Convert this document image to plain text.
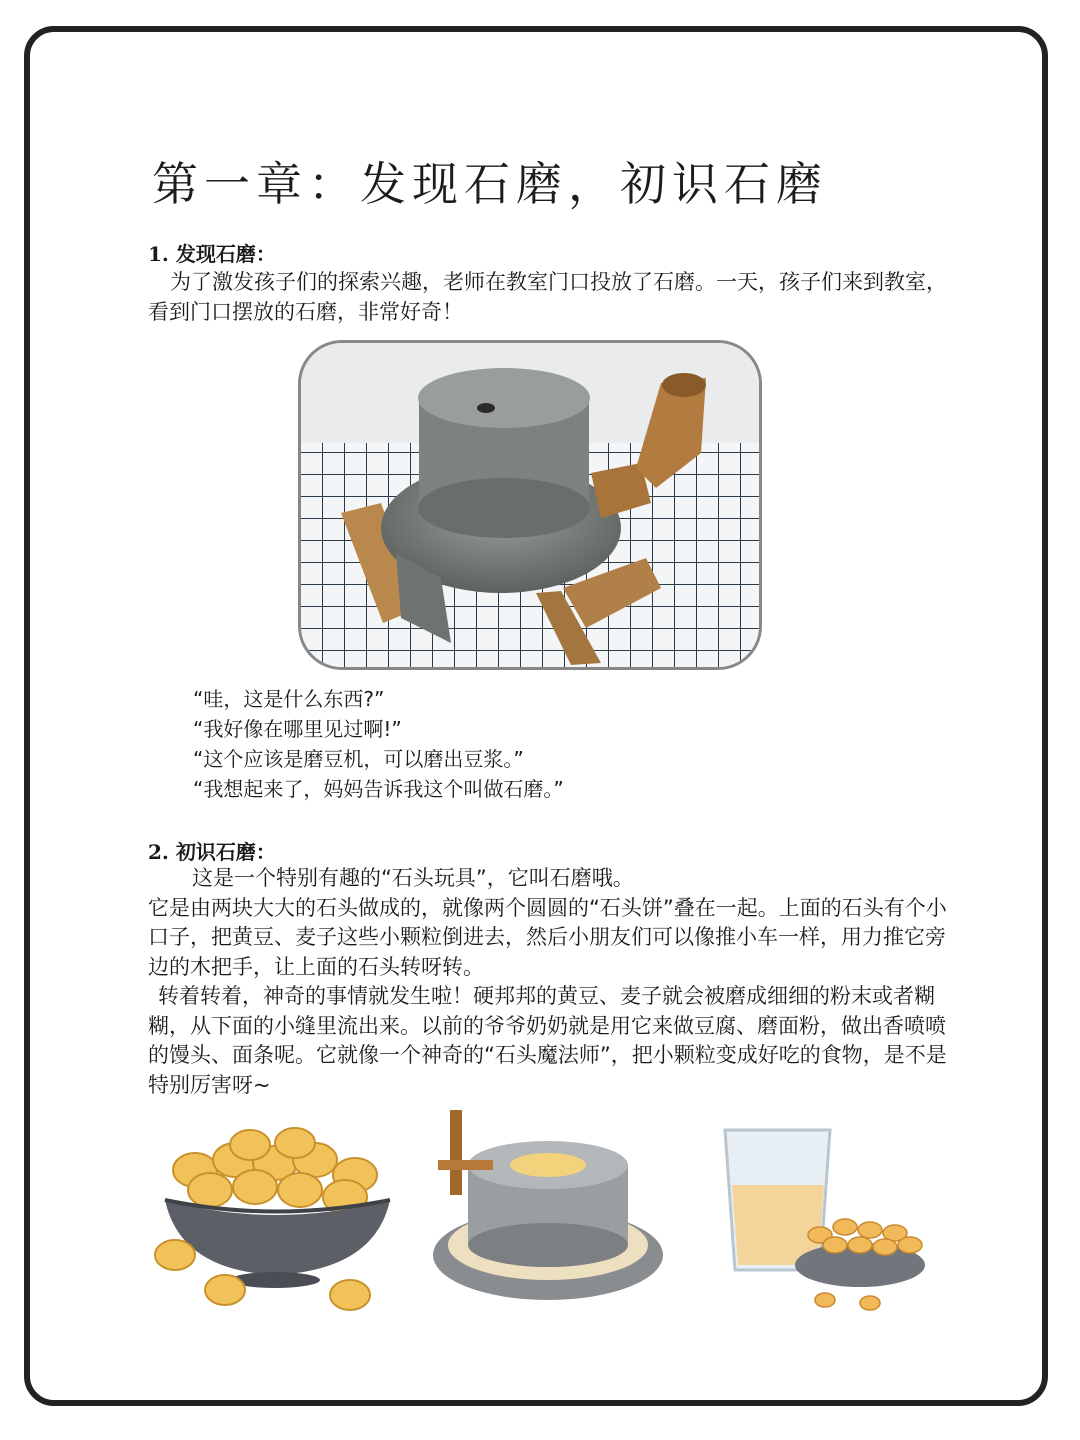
第一章：发现石磨，初识石磨
1. 发现石磨：

为了激发孩子们的探索兴趣，老师在教室门口投放了石磨。一天，孩子们来到教室，看到门口摆放的石磨，非常好奇！

“哇，这是什么东西?”
“我好像在哪里见过啊!”
“这个应该是磨豆机，可以磨出豆浆。”
“我想起来了，妈妈告诉我这个叫做石磨。”
2. 初识石磨：

这是一个特别有趣的“石头玩具”，它叫石磨哦。

它是由两块大大的石头做成的，就像两个圆圆的“石头饼”叠在一起。上面的石头有个小口子，把黄豆、麦子这些小颗粒倒进去，然后小朋友们可以像推小车一样，用力推它旁边的木把手，让上面的石头转呀转。

转着转着，神奇的事情就发生啦！硬邦邦的黄豆、麦子就会被磨成细细的粉末或者糊糊，从下面的小缝里流出来。以前的爷爷奶奶就是用它来做豆腐、磨面粉，做出香喷喷的馒头、面条呢。它就像一个神奇的“石头魔法师”，把小颗粒变成好吃的食物，是不是特别厉害呀~
